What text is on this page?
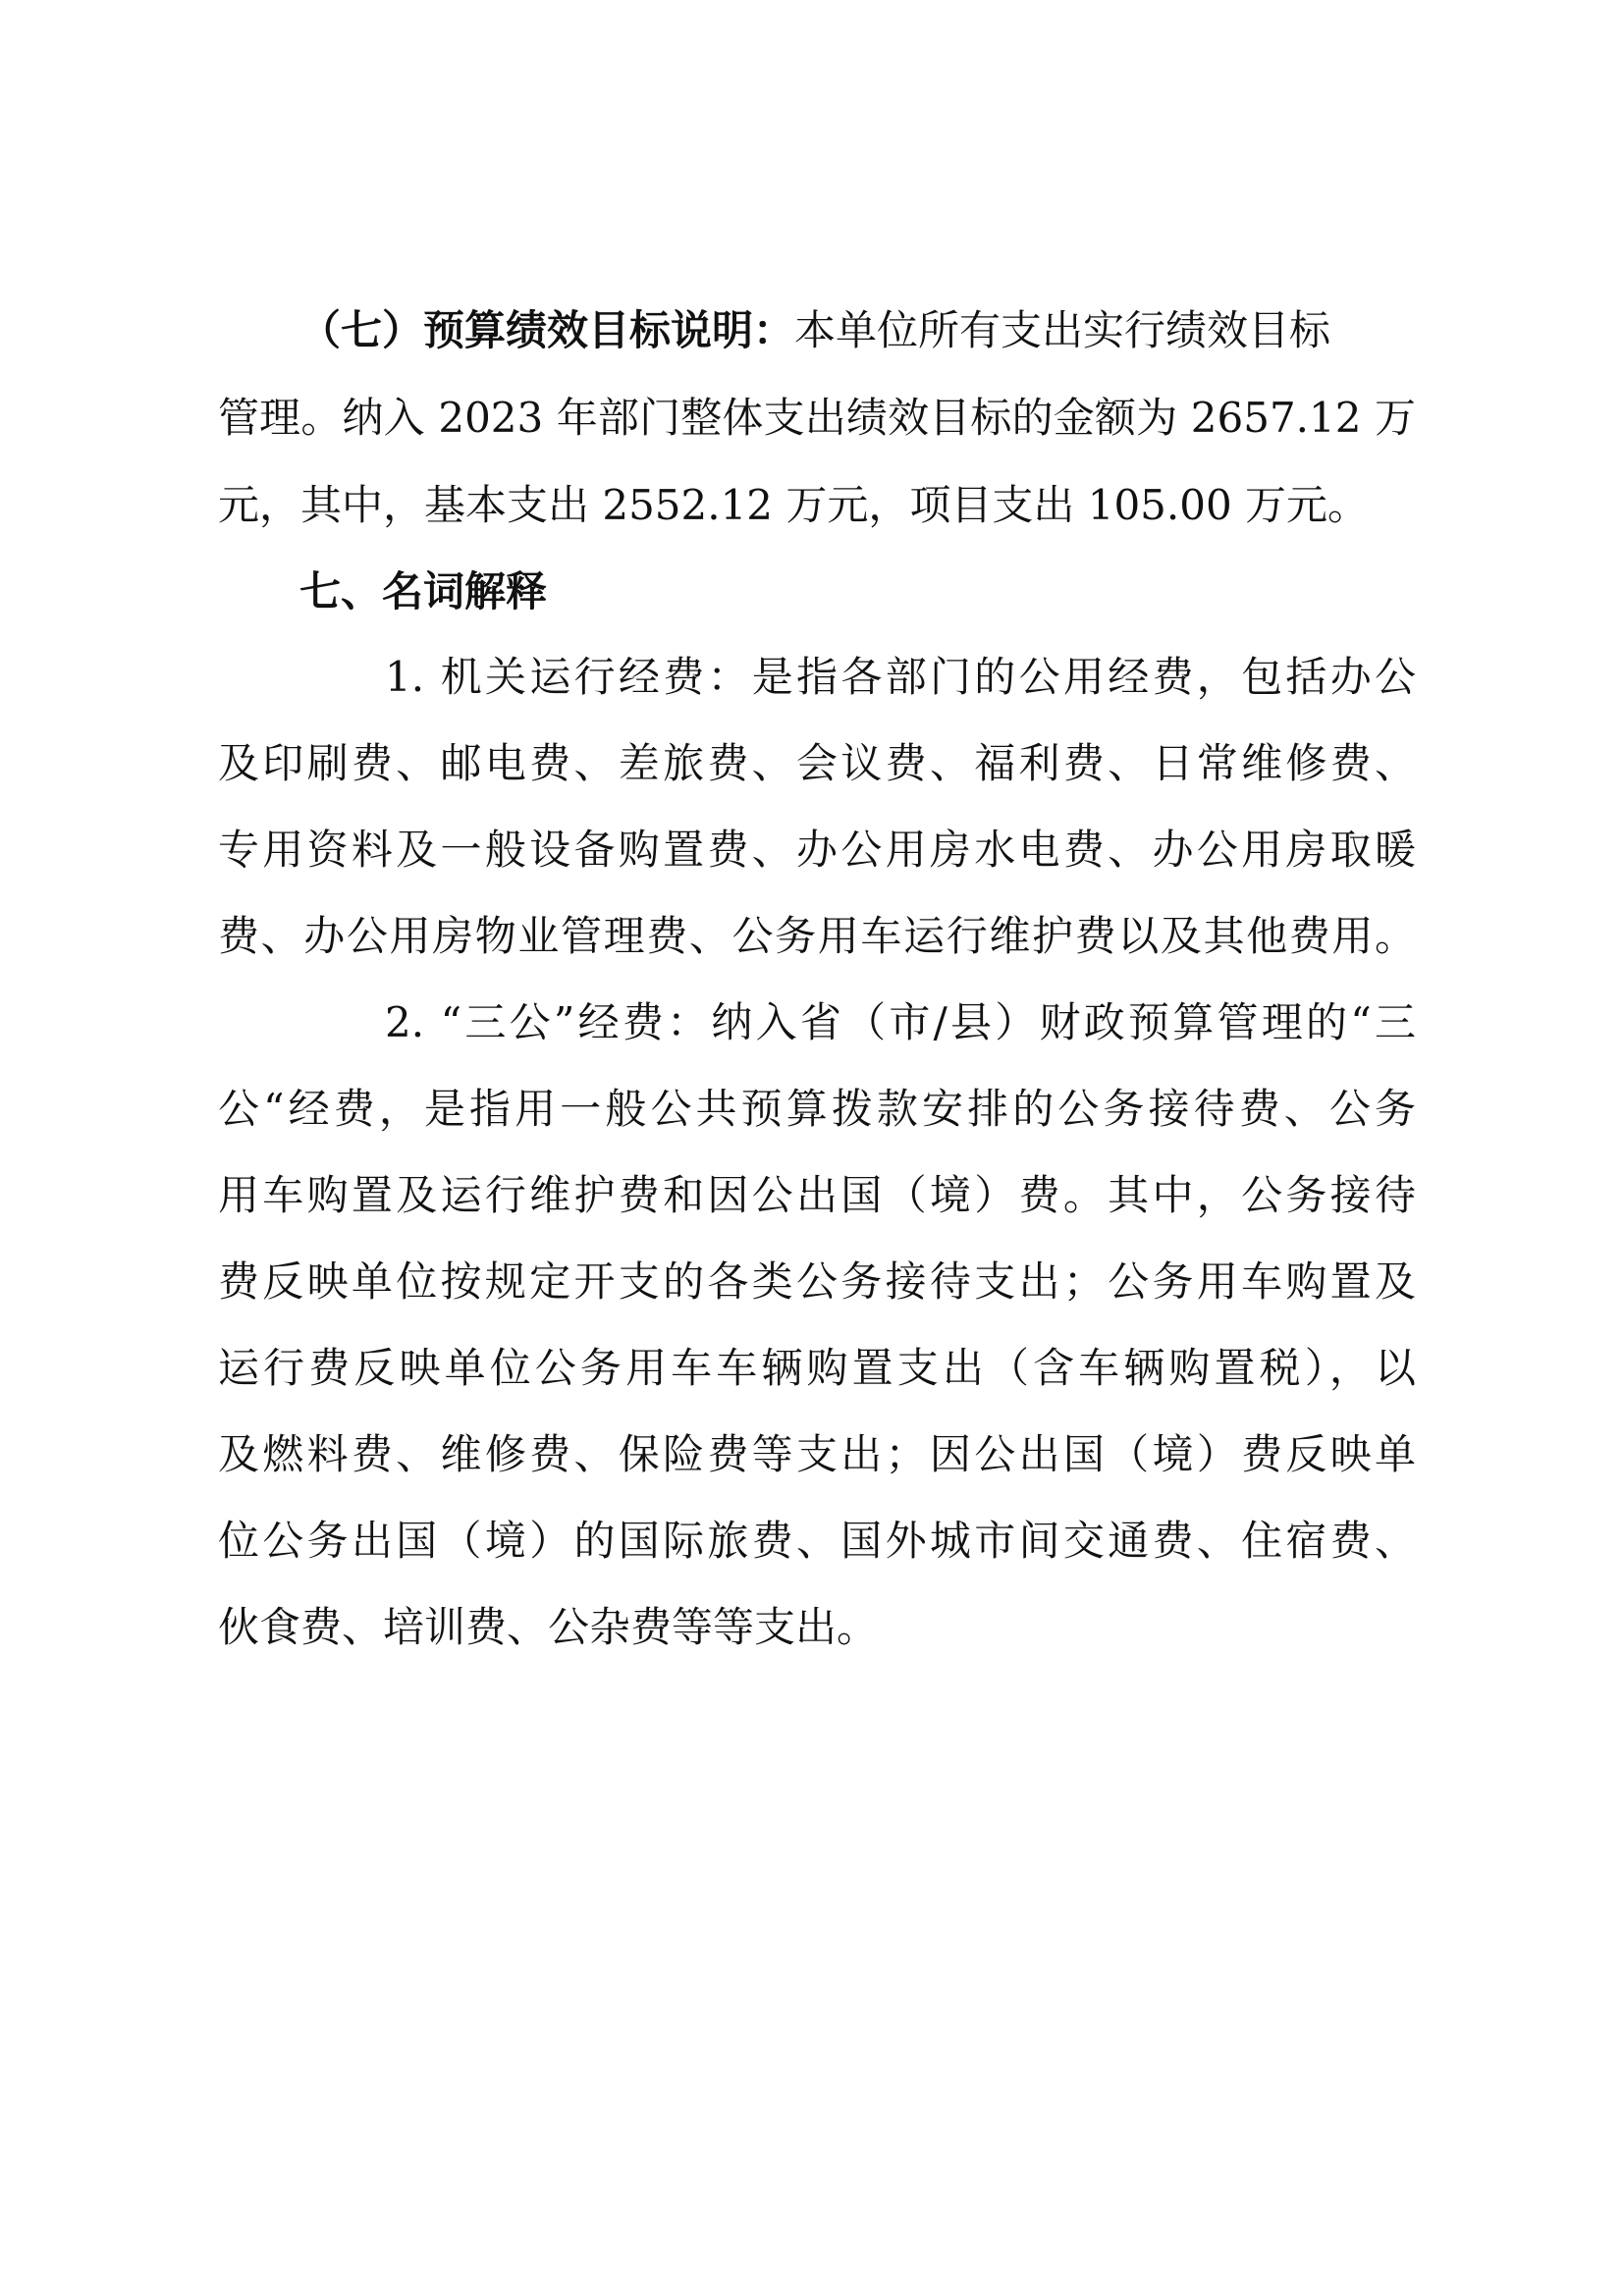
（七）预算绩效目标说明：本单位所有支出实行绩效目标
管理。纳入 2023 年部门整体支出绩效目标的金额为 2657.12 万
元，其中，基本支出 2552.12 万元，项目支出 105.00 万元。
七、名词解释
1. 机关运行经费：是指各部门的公用经费，包括办公
及印刷费、邮电费、差旅费、会议费、福利费、日常维修费、
专用资料及一般设备购置费、办公用房水电费、办公用房取暖
费、办公用房物业管理费、公务用车运行维护费以及其他费用。
2. “三公”经费：纳入省（市/县）财政预算管理的“三
公“经费，是指用一般公共预算拨款安排的公务接待费、公务
用车购置及运行维护费和因公出国（境）费。其中，公务接待
费反映单位按规定开支的各类公务接待支出；公务用车购置及
运行费反映单位公务用车车辆购置支出（含车辆购置税），以
及燃料费、维修费、保险费等支出；因公出国（境）费反映单
位公务出国（境）的国际旅费、国外城市间交通费、住宿费、
伙食费、培训费、公杂费等等支出。
